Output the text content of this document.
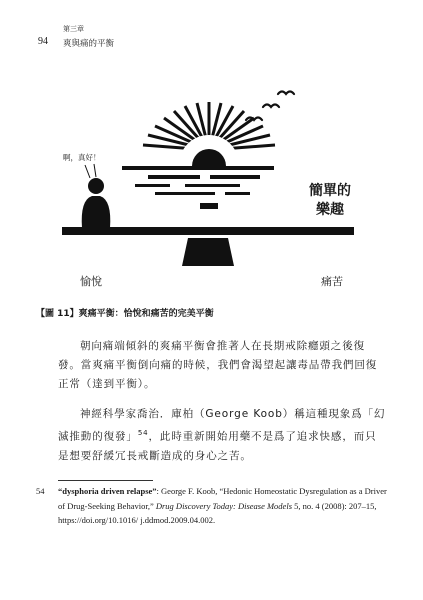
第三章
94 爽與痛的平衡
啊，真好！
簡單的
樂趣
愉悅	痛苦
【圖 11】爽痛平衡：恰悅和痛苦的完美平衡
朝向痛端傾斜的爽痛平衡會推著人在長期戒除癮頭之後復發。當爽痛平衡倒向痛的時候，我們會渴望起讓毒品帶我們回復正常（達到平衡）。
神經科學家喬治．庫柏（George Koob）稱這種現象爲「幻滅推動的復發」$^{54}$，此時重新開始用藥不是爲了追求快感，而只是想要舒緩冗長戒斷造成的身心之苦。
54 “dysphoria driven relapse”: George F. Koob, “Hedonic Homeostatic Dysregulation as a Driver of Drug-Seeking Behavior,” Drug Discovery Today: Disease Models 5, no. 4 (2008): 207–15, https://doi.org/10.1016/ j.ddmod.2009.04.002.
